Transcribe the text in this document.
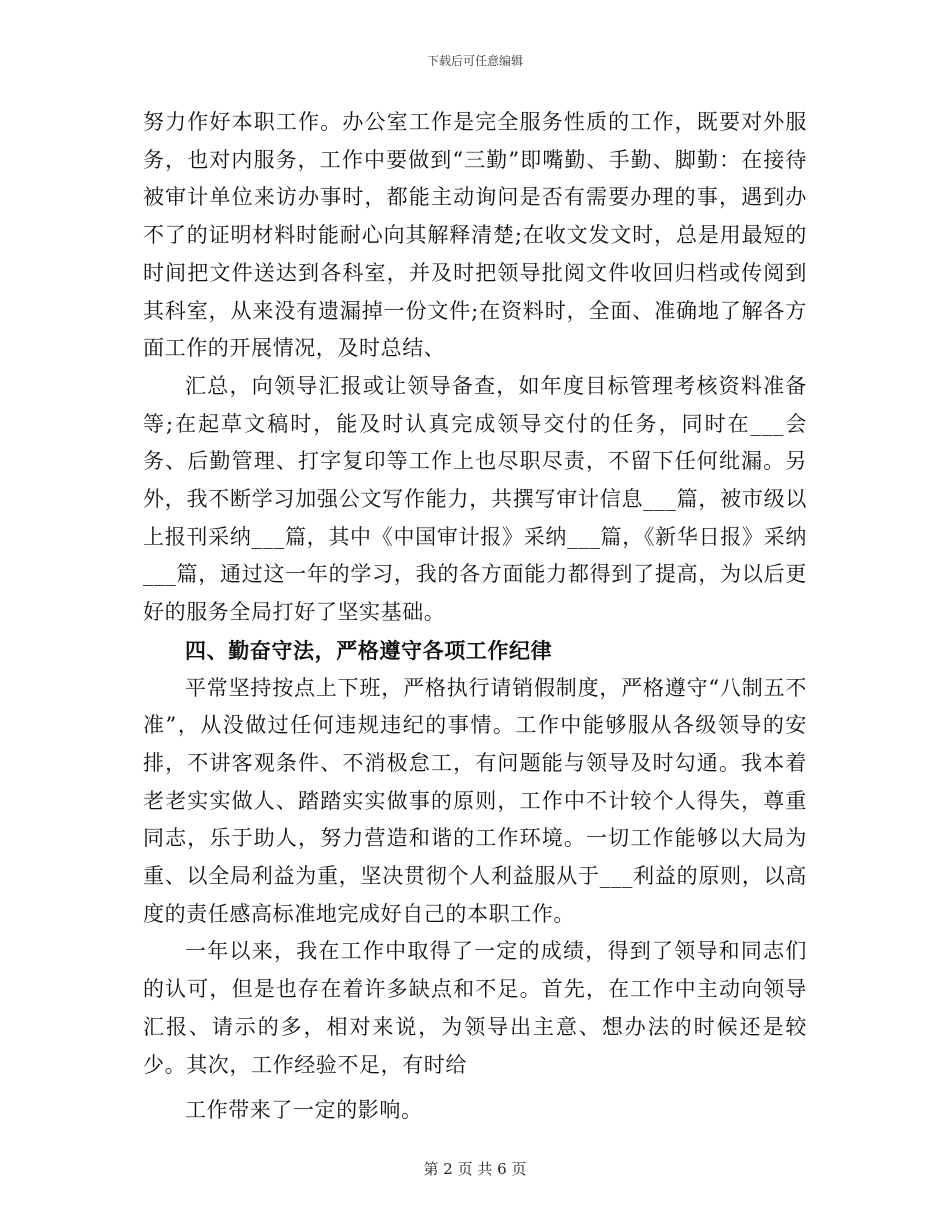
下载后可任意编辑

努力作好本职工作。办公室工作是完全服务性质的工作，既要对外服务，也对内服务，工作中要做到“三勤”即嘴勤、手勤、脚勤：在接待被审计单位来访办事时，都能主动询问是否有需要办理的事，遇到办不了的证明材料时能耐心向其解释清楚;在收文发文时，总是用最短的时间把文件送达到各科室，并及时把领导批阅文件收回归档或传阅到其科室，从来没有遗漏掉一份文件;在资料时，全面、准确地了解各方面工作的开展情况，及时总结、

汇总，向领导汇报或让领导备查，如年度目标管理考核资料准备等;在起草文稿时，能及时认真完成领导交付的任务，同时在___会务、后勤管理、打字复印等工作上也尽职尽责，不留下任何纰漏。另外，我不断学习加强公文写作能力，共撰写审计信息___篇，被市级以上报刊采纳___篇，其中《中国审计报》采纳___篇，《新华日报》采纳___篇，通过这一年的学习，我的各方面能力都得到了提高，为以后更好的服务全局打好了坚实基础。

四、勤奋守法，严格遵守各项工作纪律

平常坚持按点上下班，严格执行请销假制度，严格遵守“八制五不准”，从没做过任何违规违纪的事情。工作中能够服从各级领导的安排，不讲客观条件、不消极怠工，有问题能与领导及时勾通。我本着老老实实做人、踏踏实实做事的原则，工作中不计较个人得失，尊重同志，乐于助人，努力营造和谐的工作环境。一切工作能够以大局为重、以全局利益为重，坚决贯彻个人利益服从于___利益的原则，以高度的责任感高标准地完成好自己的本职工作。

一年以来，我在工作中取得了一定的成绩，得到了领导和同志们的认可，但是也存在着许多缺点和不足。首先，在工作中主动向领导汇报、请示的多，相对来说，为领导出主意、想办法的时候还是较少。其次，工作经验不足，有时给

工作带来了一定的影响。

第 2 页 共 6 页
